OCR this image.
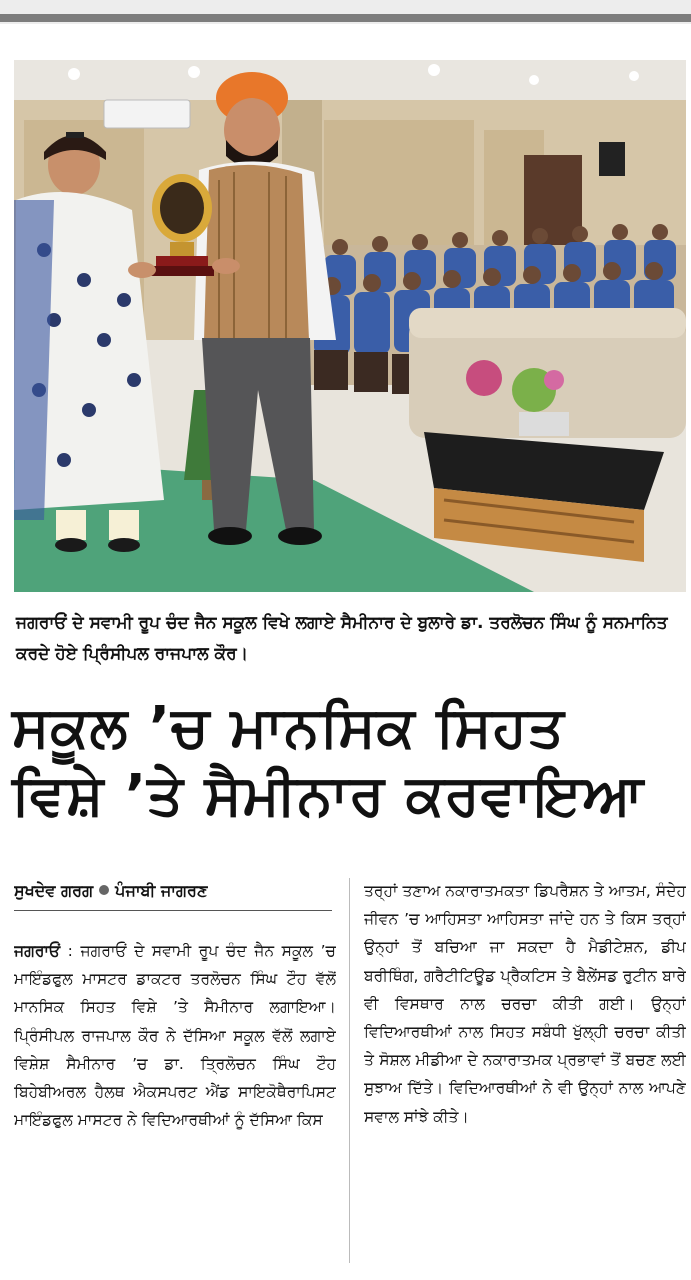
ਜਗਰਾਓਂ ਦੇ ਸਵਾਮੀ ਰੂਪ ਚੰਦ ਜੈਨ ਸਕੂਲ ਵਿਖੇ ਲਗਾਏ ਸੈਮੀਨਾਰ ਦੇ ਬੁਲਾਰੇ ਡਾ. ਤਰਲੋਚਨ ਸਿੰਘ ਨੂੰ ਸਨਮਾਨਿਤ ਕਰਦੇ ਹੋਏ ਪ੍ਰਿੰਸੀਪਲ ਰਾਜਪਾਲ ਕੌਰ।

ਸਕੂਲ ’ਚ ਮਾਨਸਿਕ ਸਿਹਤ
ਵਿਸ਼ੇ ’ਤੇ ਸੈਮੀਨਾਰ ਕਰਵਾਇਆ
ਸੁਖਦੇਵ ਗਰਗ ਪੰਜਾਬੀ ਜਾਗਰਣ

ਜਗਰਾਓਂ : ਜਗਰਾਓਂ ਦੇ ਸਵਾਮੀ ਰੂਪ ਚੰਦ ਜੈਨ ਸਕੂਲ ’ਚ ਮਾਇੰਡਫੁਲ ਮਾਸਟਰ ਡਾਕਟਰ ਤਰਲੋਚਨ ਸਿੰਘ ਟੌਹ ਵੱਲੋਂ ਮਾਨਸਿਕ ਸਿਹਤ ਵਿਸ਼ੇ ’ਤੇ ਸੈਮੀਨਾਰ ਲਗਾਇਆ। ਪ੍ਰਿੰਸੀਪਲ ਰਾਜਪਾਲ ਕੌਰ ਨੇ ਦੱਸਿਆ ਸਕੂਲ ਵੱਲੋਂ ਲਗਾਏ ਵਿਸ਼ੇਸ਼ ਸੈਮੀਨਾਰ ’ਚ ਡਾ. ਤ੍ਰਿਲੋਚਨ ਸਿੰਘ ਟੌਹ ਬਿਹੇਬੀਅਰਲ ਹੈਲਥ ਐਕਸਪਰਟ ਐਂਡ ਸਾਇਕੋਥੈਰਾਪਿਸਟ ਮਾਇੰਡਫੁਲ ਮਾਸਟਰ ਨੇ ਵਿਦਿਆਰਥੀਆਂ ਨੂੰ ਦੱਸਿਆ ਕਿਸ

ਤਰ੍ਹਾਂ ਤਣਾਅ ਨਕਾਰਾਤਮਕਤਾ ਡਿਪਰੈਸ਼ਨ ਤੇ ਆਤਮ, ਸੰਦੇਹ ਜੀਵਨ ’ਚ ਆਹਿਸਤਾ ਆਹਿਸਤਾ ਜਾਂਦੇ ਹਨ ਤੇ ਕਿਸ ਤਰ੍ਹਾਂ ਉਨ੍ਹਾਂ ਤੋਂ ਬਚਿਆ ਜਾ ਸਕਦਾ ਹੈ ਮੈਡੀਟੇਸ਼ਨ, ਡੀਪ ਬਰੀਥਿੰਗ, ਗਰੈਟੀਟਿਊਡ ਪ੍ਰੈਕਟਿਸ ਤੇ ਬੈਲੇਂਸਡ ਰੁਟੀਨ ਬਾਰੇ ਵੀ ਵਿਸਥਾਰ ਨਾਲ ਚਰਚਾ ਕੀਤੀ ਗਈ। ਉਨ੍ਹਾਂ ਵਿਦਿਆਰਥੀਆਂ ਨਾਲ ਸਿਹਤ ਸਬੰਧੀ ਖੁੱਲ੍ਹੀ ਚਰਚਾ ਕੀਤੀ ਤੇ ਸੋਸ਼ਲ ਮੀਡੀਆ ਦੇ ਨਕਾਰਾਤਮਕ ਪ੍ਰਭਾਵਾਂ ਤੋਂ ਬਚਣ ਲਈ ਸੁਝਾਅ ਦਿੱਤੇ। ਵਿਦਿਆਰਥੀਆਂ ਨੇ ਵੀ ਉਨ੍ਹਾਂ ਨਾਲ ਆਪਣੇ ਸਵਾਲ ਸਾਂਝੇ ਕੀਤੇ।
